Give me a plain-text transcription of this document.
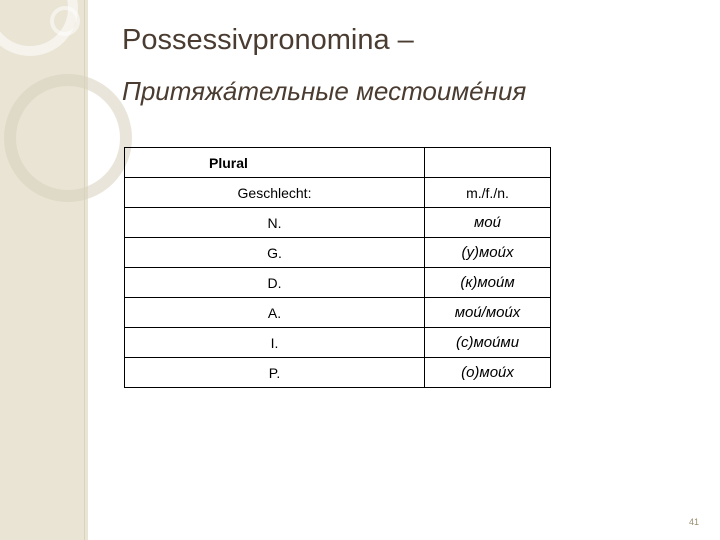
Possessivpronomina –
Притяжа́тельные местоиме́ния
Plural	
Geschlecht:	m./f./n.
N.	мои́
G.	(у)мои́х
D.	(к)мои́м
A.	мои́/мои́х
I.	(с)мои́ми
P.	(о)мои́х
41
